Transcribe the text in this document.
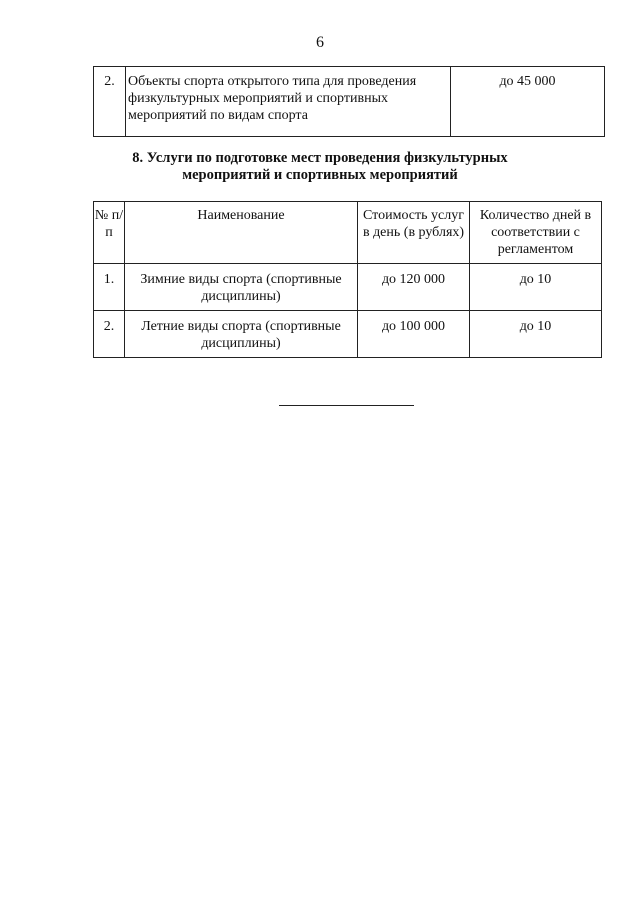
6
2.	Объекты спорта открытого типа для проведения физкультурных мероприятий и спортивных мероприятий по видам спорта	до 45 000
8. Услуги по подготовке мест проведения физкультурных
мероприятий и спортивных мероприятий
№ п/п	Наименование	Стоимость услуг в день (в рублях)	Количество дней в соответствии с регламентом
1.	Зимние виды спорта (спортивные дисциплины)	до 120 000	до 10
2.	Летние виды спорта (спортивные дисциплины)	до 100 000	до 10
